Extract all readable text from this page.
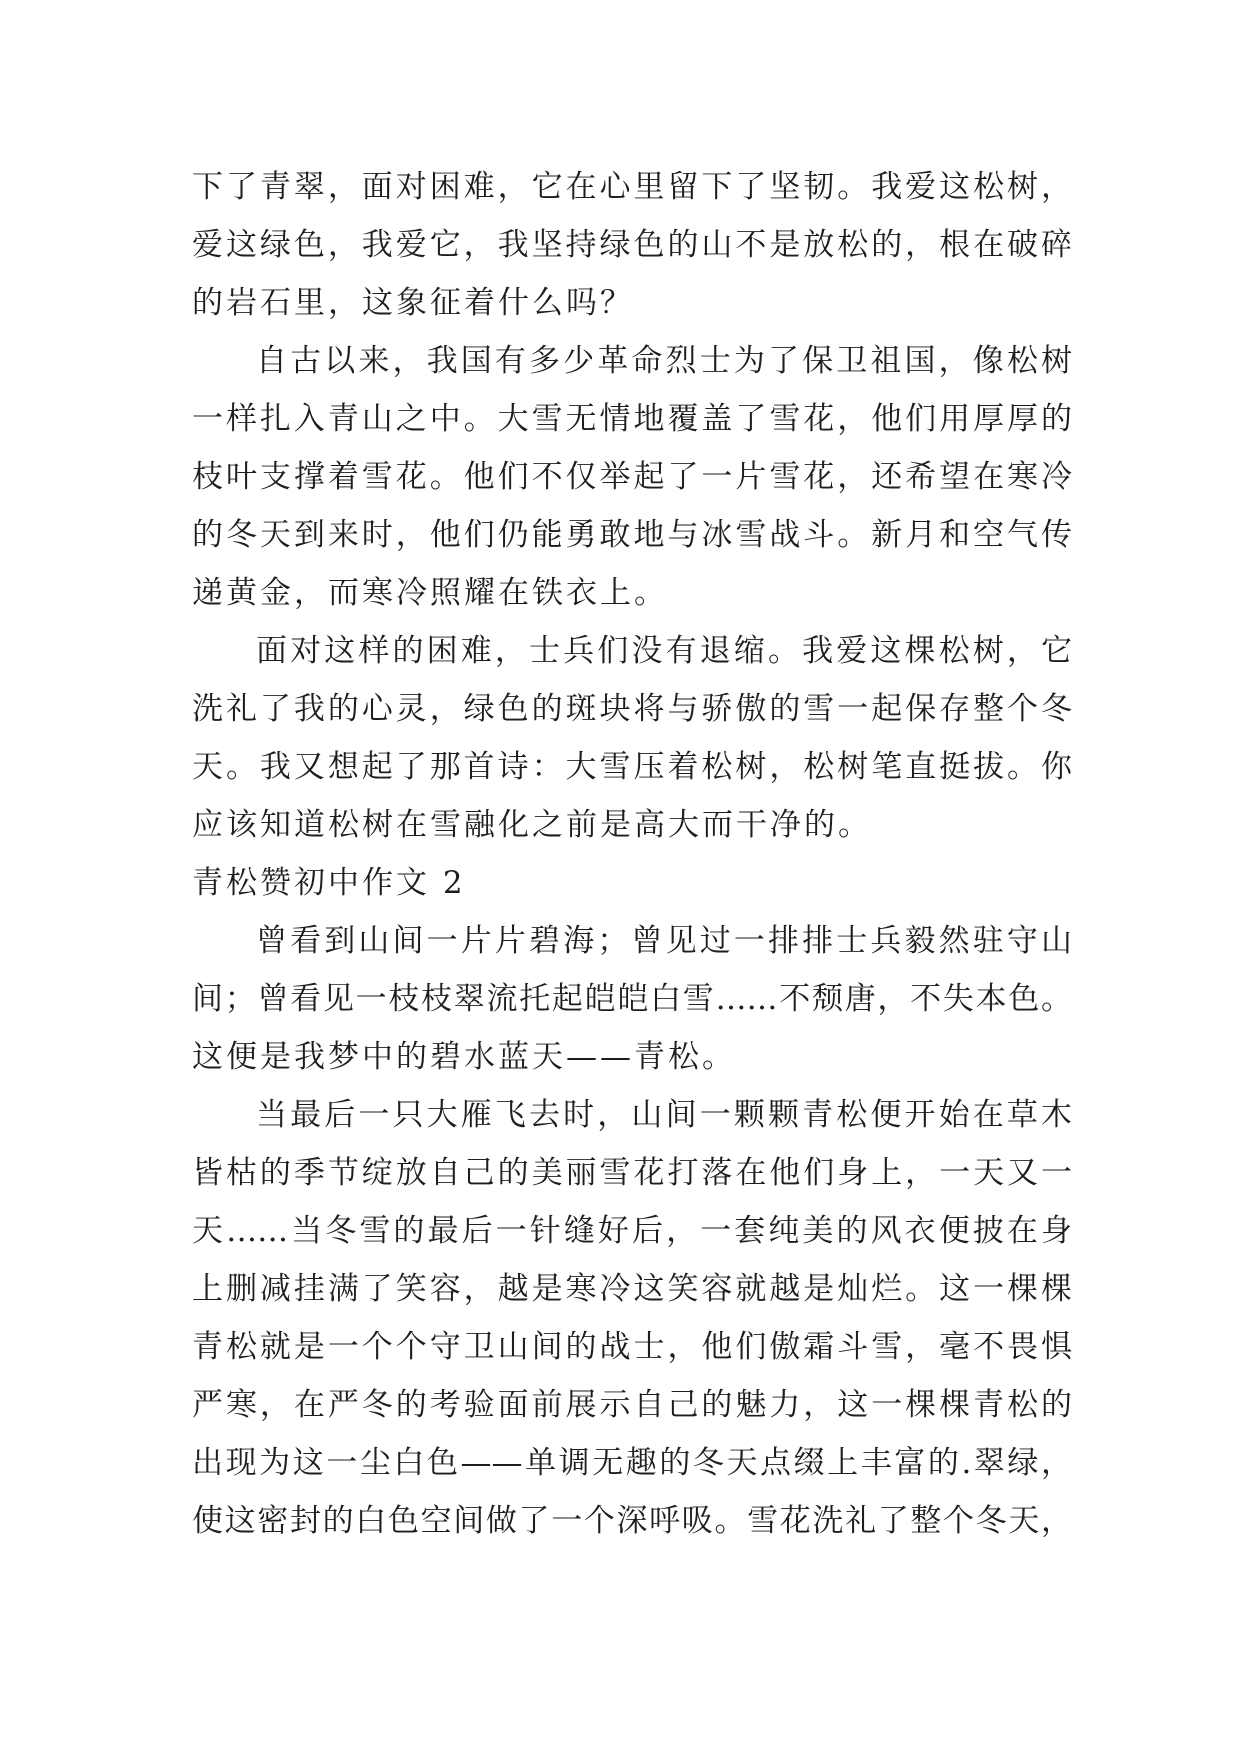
下了青翠，面对困难，它在心里留下了坚韧。我爱这松树，
爱这绿色，我爱它，我坚持绿色的山不是放松的，根在破碎
的岩石里，这象征着什么吗？
自古以来，我国有多少革命烈士为了保卫祖国，像松树
一样扎入青山之中。大雪无情地覆盖了雪花，他们用厚厚的
枝叶支撑着雪花。他们不仅举起了一片雪花，还希望在寒冷
的冬天到来时，他们仍能勇敢地与冰雪战斗。新月和空气传
递黄金，而寒冷照耀在铁衣上。
面对这样的困难，士兵们没有退缩。我爱这棵松树，它
洗礼了我的心灵，绿色的斑块将与骄傲的雪一起保存整个冬
天。我又想起了那首诗：大雪压着松树，松树笔直挺拔。你
应该知道松树在雪融化之前是高大而干净的。
青松赞初中作文 2
曾看到山间一片片碧海；曾见过一排排士兵毅然驻守山
间；曾看见一枝枝翠流托起皑皑白雪……不颓唐，不失本色。
这便是我梦中的碧水蓝天——青松。
当最后一只大雁飞去时，山间一颗颗青松便开始在草木
皆枯的季节绽放自己的美丽雪花打落在他们身上，一天又一
天……当冬雪的最后一针缝好后，一套纯美的风衣便披在身
上删减挂满了笑容，越是寒冷这笑容就越是灿烂。这一棵棵
青松就是一个个守卫山间的战士，他们傲霜斗雪，毫不畏惧
严寒，在严冬的考验面前展示自己的魅力，这一棵棵青松的
出现为这一尘白色——单调无趣的冬天点缀上丰富的.翠绿，
使这密封的白色空间做了一个深呼吸。雪花洗礼了整个冬天，
